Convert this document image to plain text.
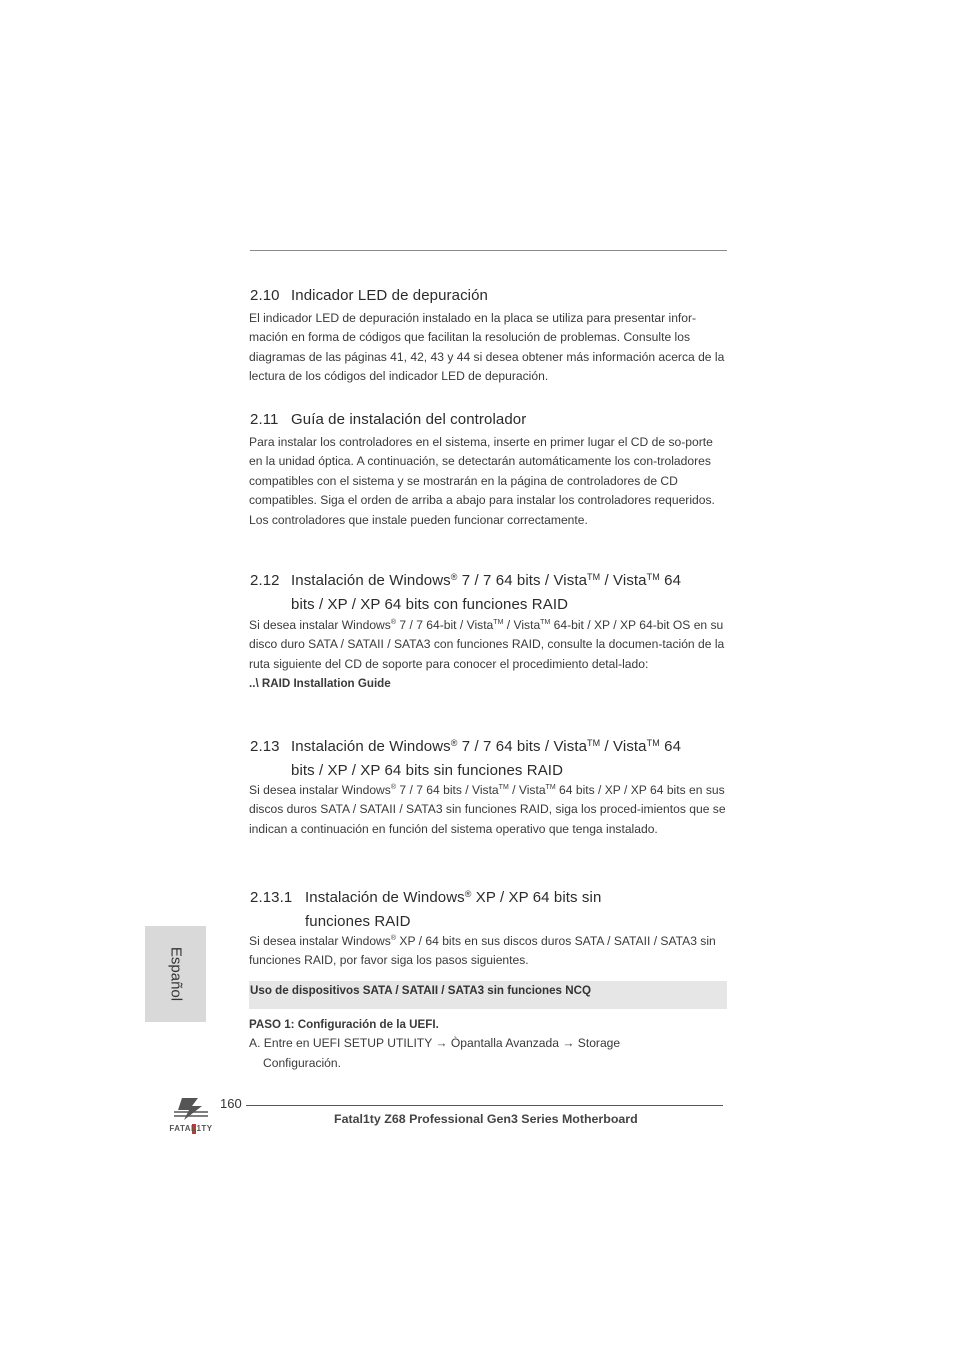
2.10 Indicador LED de depuración
El indicador LED de depuración instalado en la placa se utiliza para presentar infor-mación en forma de códigos que facilitan la resolución de problemas. Consulte los diagramas de las páginas 41, 42, 43 y 44 si desea obtener más información acerca de la lectura de los códigos del indicador LED de depuración.
2.11 Guía de instalación del controlador
Para instalar los controladores en el sistema, inserte en primer lugar el CD de so-porte en la unidad óptica. A continuación, se detectarán automáticamente los con-troladores compatibles con el sistema y se mostrarán en la página de controladores de CD compatibles. Siga el orden de arriba a abajo para instalar los controladores requeridos. Los controladores que instale pueden funcionar correctamente.
2.12 Instalación de Windows® 7 / 7 64 bits / Vista™ / Vista™ 64
bits / XP / XP 64 bits con funciones RAID
Si desea instalar Windows® 7 / 7 64-bit / Vista™ / Vista™ 64-bit / XP / XP 64-bit OS en su disco duro SATA / SATAII / SATA3 con funciones RAID, consulte la documen-tación de la ruta siguiente del CD de soporte para conocer el procedimiento detal-lado:
..\ RAID Installation Guide
2.13 Instalación de Windows® 7 / 7 64 bits / Vista™ / Vista™ 64
bits / XP / XP 64 bits sin funciones RAID
Si desea instalar Windows® 7 / 7 64 bits / Vista™ / Vista™ 64 bits / XP / XP 64 bits en sus discos duros SATA / SATAII / SATA3 sin funciones RAID, siga los proced-imientos que se indican a continuación en función del sistema operativo que tenga instalado.
2.13.1 Instalación de Windows® XP / XP 64 bits sin
funciones RAID
Si desea instalar Windows® XP / 64 bits en sus discos duros SATA / SATAII / SATA3 sin funciones RAID, por favor siga los pasos siguientes.
Uso de dispositivos SATA / SATAII / SATA3 sin funciones NCQ
PASO 1: Configuración de la UEFI.
A. Entre en UEFI SETUP UTILITY → Òpantalla Avanzada → Storage
Configuración.
Español
FATAL1TY
160
Fatal1ty Z68 Professional Gen3 Series Motherboard
